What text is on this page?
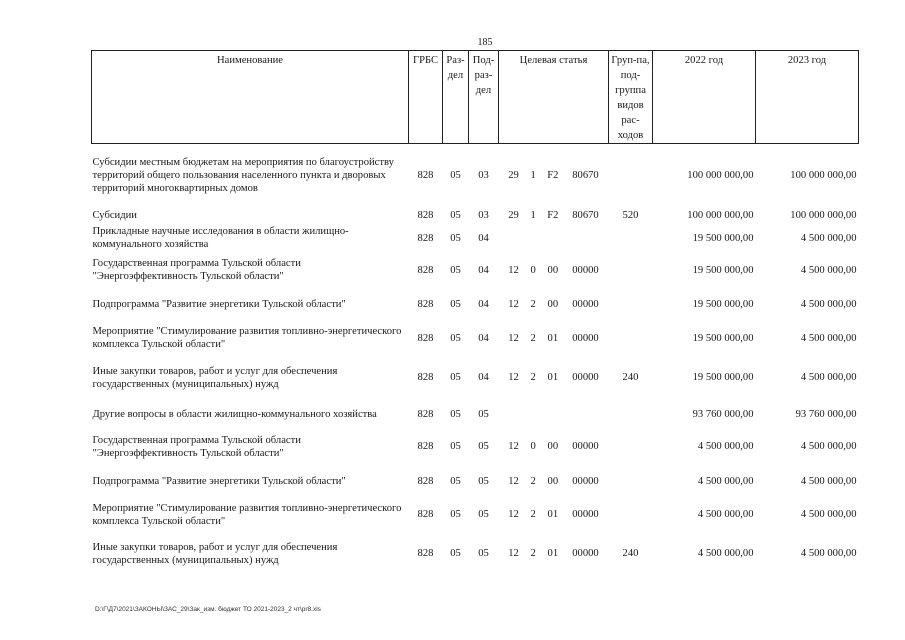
185
Наименование	ГРБС	Раз-дел	Под-раз-дел	Целевая статья	Груп-па, под-группа видов рас-ходов	2022 год	2023 год
Субсидии местным бюджетам на мероприятия по благоустройству территорий общего пользования населенного пункта и дворовых территорий многоквартирных домов	828	05	03	29 1 F2 80670		100 000 000,00	100 000 000,00
Субсидии	828	05	03	29 1 F2 80670	520	100 000 000,00	100 000 000,00
Прикладные научные исследования в области жилищно-коммунального хозяйства	828	05	04			19 500 000,00	4 500 000,00
Государственная программа Тульской области "Энергоэффективность Тульской области"	828	05	04	12 0 00 00000		19 500 000,00	4 500 000,00
Подпрограмма "Развитие энергетики Тульской области"	828	05	04	12 2 00 00000		19 500 000,00	4 500 000,00
Мероприятие "Стимулирование развития топливно-энергетического комплекса Тульской области"	828	05	04	12 2 01 00000		19 500 000,00	4 500 000,00
Иные закупки товаров, работ и услуг для обеспечения государственных (муниципальных) нужд	828	05	04	12 2 01 00000	240	19 500 000,00	4 500 000,00
Другие вопросы в области жилищно-коммунального хозяйства	828	05	05			93 760 000,00	93 760 000,00
Государственная программа Тульской области "Энергоэффективность Тульской области"	828	05	05	12 0 00 00000		4 500 000,00	4 500 000,00
Подпрограмма "Развитие энергетики Тульской области"	828	05	05	12 2 00 00000		4 500 000,00	4 500 000,00
Мероприятие "Стимулирование развития топливно-энергетического комплекса Тульской области"	828	05	05	12 2 01 00000		4 500 000,00	4 500 000,00
Иные закупки товаров, работ и услуг для обеспечения государственных (муниципальных) нужд	828	05	05	12 2 01 00000	240	4 500 000,00	4 500 000,00
D:\Г\Д7\2021\ЗАКОНЫ\ЗАС_29\Зак_изм. бюджет ТО 2021-2023_2 чт\pr8.xls
